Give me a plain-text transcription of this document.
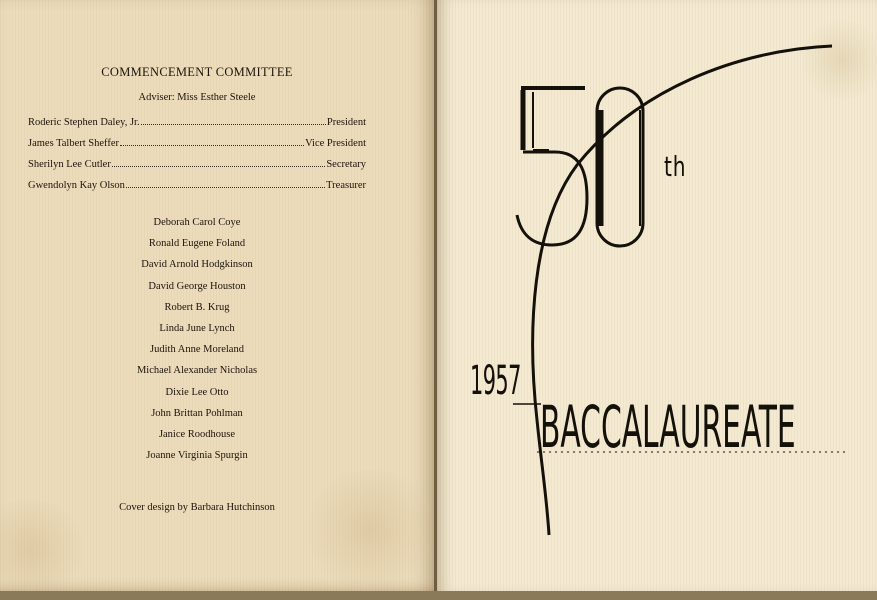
COMMENCEMENT COMMITTEE
Adviser: Miss Esther Steele
Roderic Stephen Daley, Jr.	President
James Talbert Sheffer	Vice President
Sherilyn Lee Cutler	Secretary
Gwendolyn Kay Olson	Treasurer
Deborah Carol Coye
Ronald Eugene Foland
David Arnold Hodgkinson
David George Houston
Robert B. Krug
Linda June Lynch
Judith Anne Moreland
Michael Alexander Nicholas
Dixie Lee Otto
John Brittan Pohlman
Janice Roodhouse
Joanne Virginia Spurgin
Cover design by Barbara Hutchinson
th
1957
BACCALAUREATE
